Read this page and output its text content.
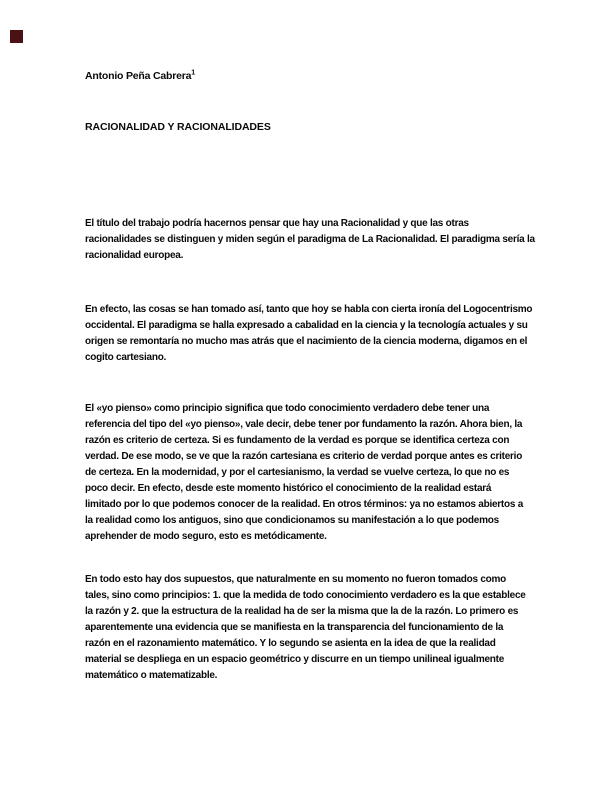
Antonio Peña Cabrera$^1$
RACIONALIDAD Y RACIONALIDADES
El título del trabajo podría hacernos pensar que hay una Racionalidad y que las otras
racionalidades se distinguen y miden según el paradigma de La Racionalidad. El paradigma sería la
racionalidad europea.
En efecto, las cosas se han tomado así, tanto que hoy se habla con cierta ironía del Logocentrismo
occidental. El paradigma se halla expresado a cabalidad en la ciencia y la tecnología actuales y su
origen se remontaría no mucho mas atrás que el nacimiento de la ciencia moderna, digamos en el
cogito cartesiano.
El «yo pienso» como principio significa que todo conocimiento verdadero debe tener una
referencia del tipo del «yo pienso», vale decir, debe tener por fundamento la razón. Ahora bien, la
razón es criterio de certeza. Si es fundamento de la verdad es porque se identifica certeza con
verdad. De ese modo, se ve que la razón cartesiana es criterio de verdad porque antes es criterio
de certeza. En la modernidad, y por el cartesianismo, la verdad se vuelve certeza, lo que no es
poco decir. En efecto, desde este momento histórico el conocimiento de la realidad estará
limitado por lo que podemos conocer de la realidad. En otros términos: ya no estamos abiertos a
la realidad como los antiguos, sino que condicionamos su manifestación a lo que podemos
aprehender de modo seguro, esto es metódicamente.
En todo esto hay dos supuestos, que naturalmente en su momento no fueron tomados como
tales, sino como principios: 1. que la medida de todo conocimiento verdadero es la que establece
la razón y 2. que la estructura de la realidad ha de ser la misma que la de la razón. Lo primero es
aparentemente una evidencia que se manifiesta en la transparencia del funcionamiento de la
razón en el razonamiento matemático. Y lo segundo se asienta en la idea de que la realidad
material se despliega en un espacio geométrico y discurre en un tiempo unilineal igualmente
matemático o matematizable.
